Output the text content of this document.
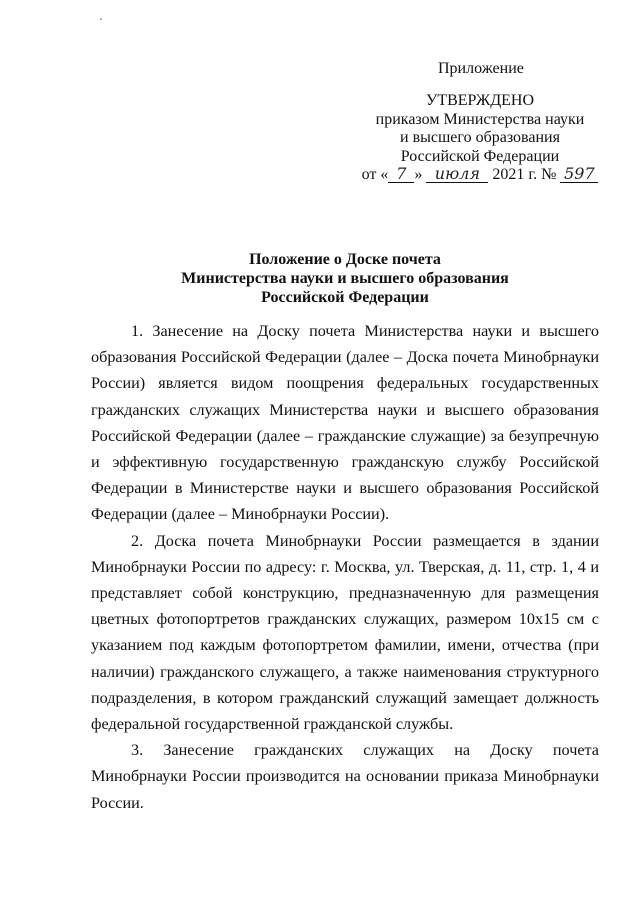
Приложение
УТВЕРЖДЕНО
приказом Министерства науки
и высшего образования
Российской Федерации
от « 7 » июля 2021 г. № 597
Положение о Доске почета
Министерства науки и высшего образования
Российской Федерации

1. Занесение на Доску почета Министерства науки и высшего образования Российской Федерации (далее – Доска почета Минобрнауки России) является видом поощрения федеральных государственных гражданских служащих Министерства науки и высшего образования Российской Федерации (далее – гражданские служащие) за безупречную и эффективную государственную гражданскую службу Российской Федерации в Министерстве науки и высшего образования Российской Федерации (далее – Минобрнауки России).

2. Доска почета Минобрнауки России размещается в здании Минобрнауки России по адресу: г. Москва, ул. Тверская, д. 11, стр. 1, 4 и представляет собой конструкцию, предназначенную для размещения цветных фотопортретов гражданских служащих, размером 10x15 см с указанием под каждым фотопортретом фамилии, имени, отчества (при наличии) гражданского служащего, а также наименования структурного подразделения, в котором гражданский служащий замещает должность федеральной государственной гражданской службы.

3. Занесение гражданских служащих на Доску почета Минобрнауки России производится на основании приказа Минобрнауки России.
